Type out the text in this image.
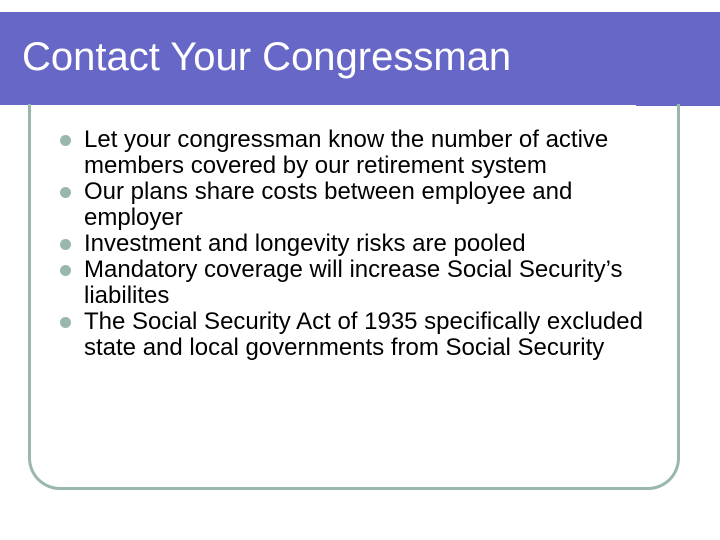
Contact Your Congressman
Let your congressman know the number of active members covered by our retirement system
Our plans share costs between employee and employer
Investment and longevity risks are pooled
Mandatory coverage will increase Social Security’s liabilites
The Social Security Act of 1935 specifically excluded state and local governments from Social Security
